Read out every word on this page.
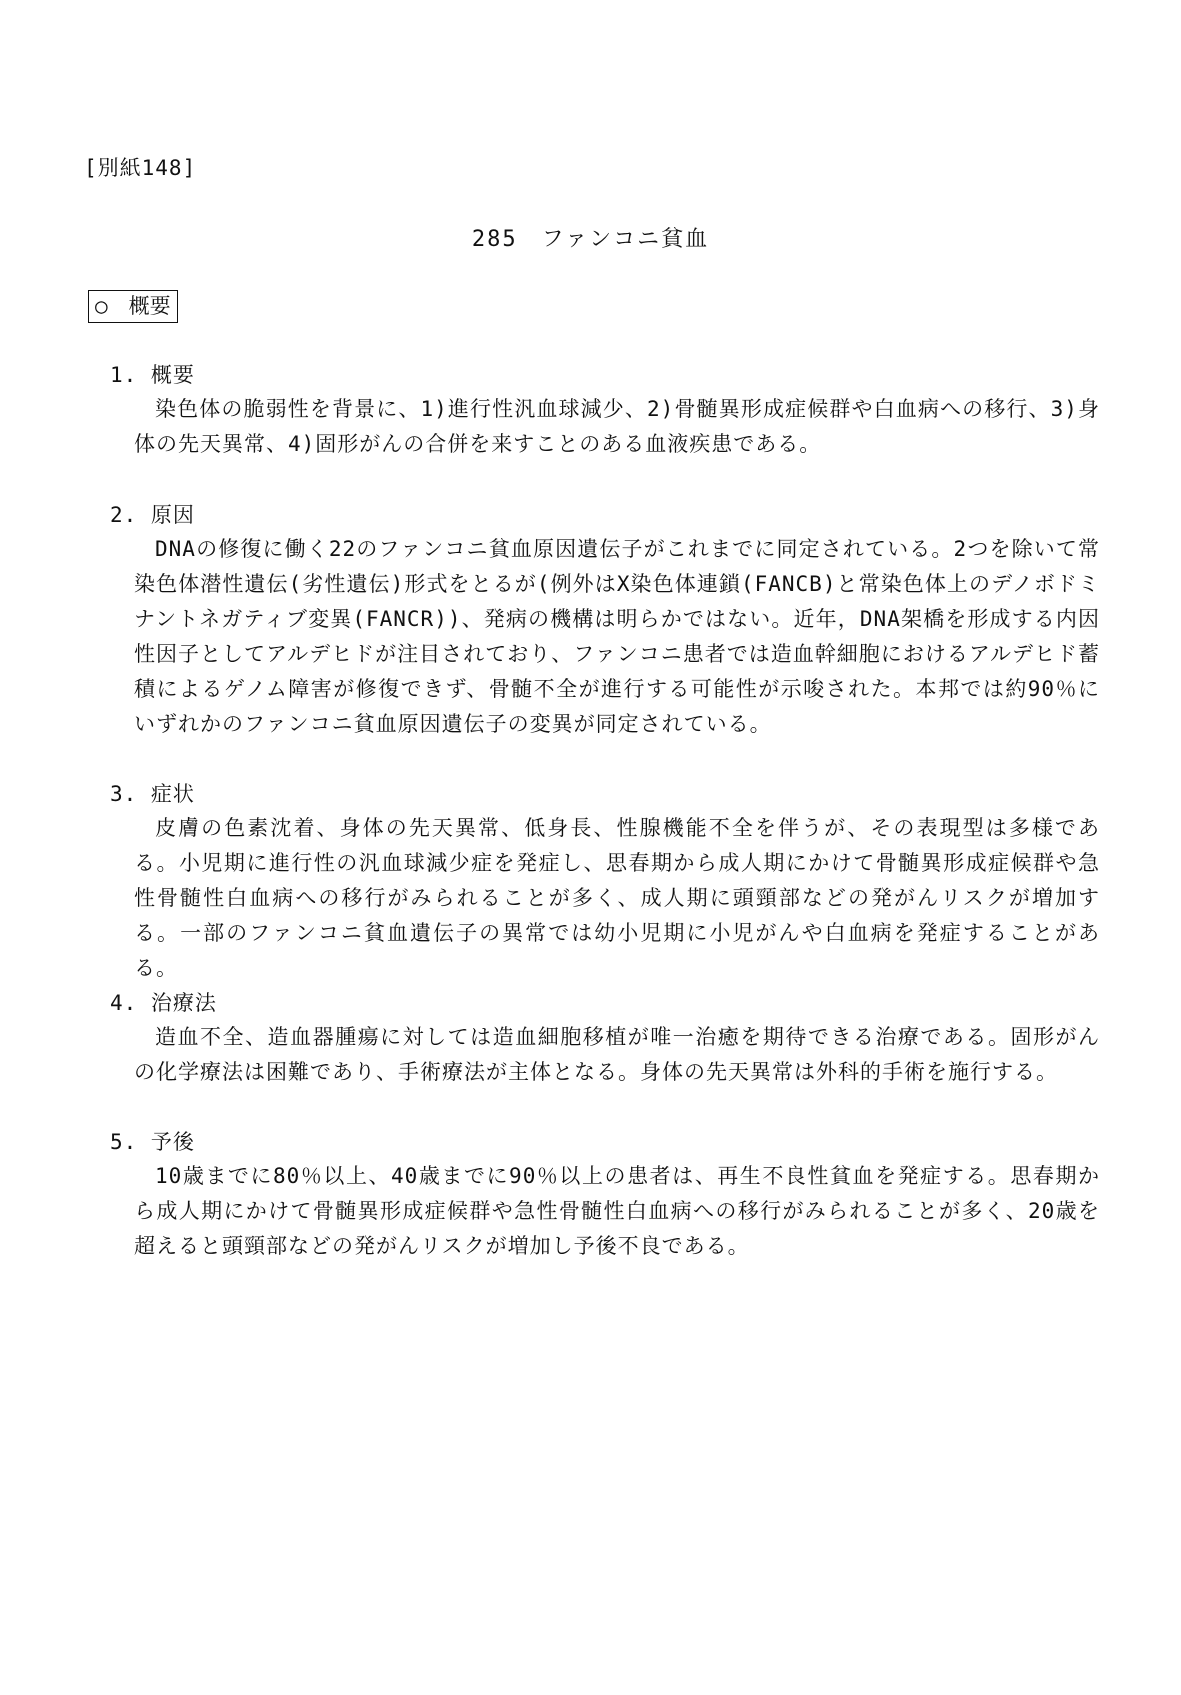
[別紙148]
285　ファンコニ貧血
○　概要
1. 概要
染色体の脆弱性を背景に、1)進行性汎血球減少、2)骨髄異形成症候群や白血病への移行、3)身体の先天異常、4)固形がんの合併を来すことのある血液疾患である。
2. 原因
DNAの修復に働く22のファンコニ貧血原因遺伝子がこれまでに同定されている。2つを除いて常染色体潜性遺伝(劣性遺伝)形式をとるが(例外はX染色体連鎖(FANCB)と常染色体上のデノボドミナントネガティブ変異(FANCR))、発病の機構は明らかではない。近年，DNA架橋を形成する内因性因子としてアルデヒドが注目されており、ファンコニ患者では造血幹細胞におけるアルデヒド蓄積によるゲノム障害が修復できず、骨髄不全が進行する可能性が示唆された。本邦では約90％にいずれかのファンコニ貧血原因遺伝子の変異が同定されている。
3. 症状
皮膚の色素沈着、身体の先天異常、低身長、性腺機能不全を伴うが、その表現型は多様である。小児期に進行性の汎血球減少症を発症し、思春期から成人期にかけて骨髄異形成症候群や急性骨髄性白血病への移行がみられることが多く、成人期に頭頸部などの発がんリスクが増加する。一部のファンコニ貧血遺伝子の異常では幼小児期に小児がんや白血病を発症することがある。
4. 治療法
造血不全、造血器腫瘍に対しては造血細胞移植が唯一治癒を期待できる治療である。固形がんの化学療法は困難であり、手術療法が主体となる。身体の先天異常は外科的手術を施行する。
5. 予後
10歳までに80％以上、40歳までに90％以上の患者は、再生不良性貧血を発症する。思春期から成人期にかけて骨髄異形成症候群や急性骨髄性白血病への移行がみられることが多く、20歳を超えると頭頸部などの発がんリスクが増加し予後不良である。
